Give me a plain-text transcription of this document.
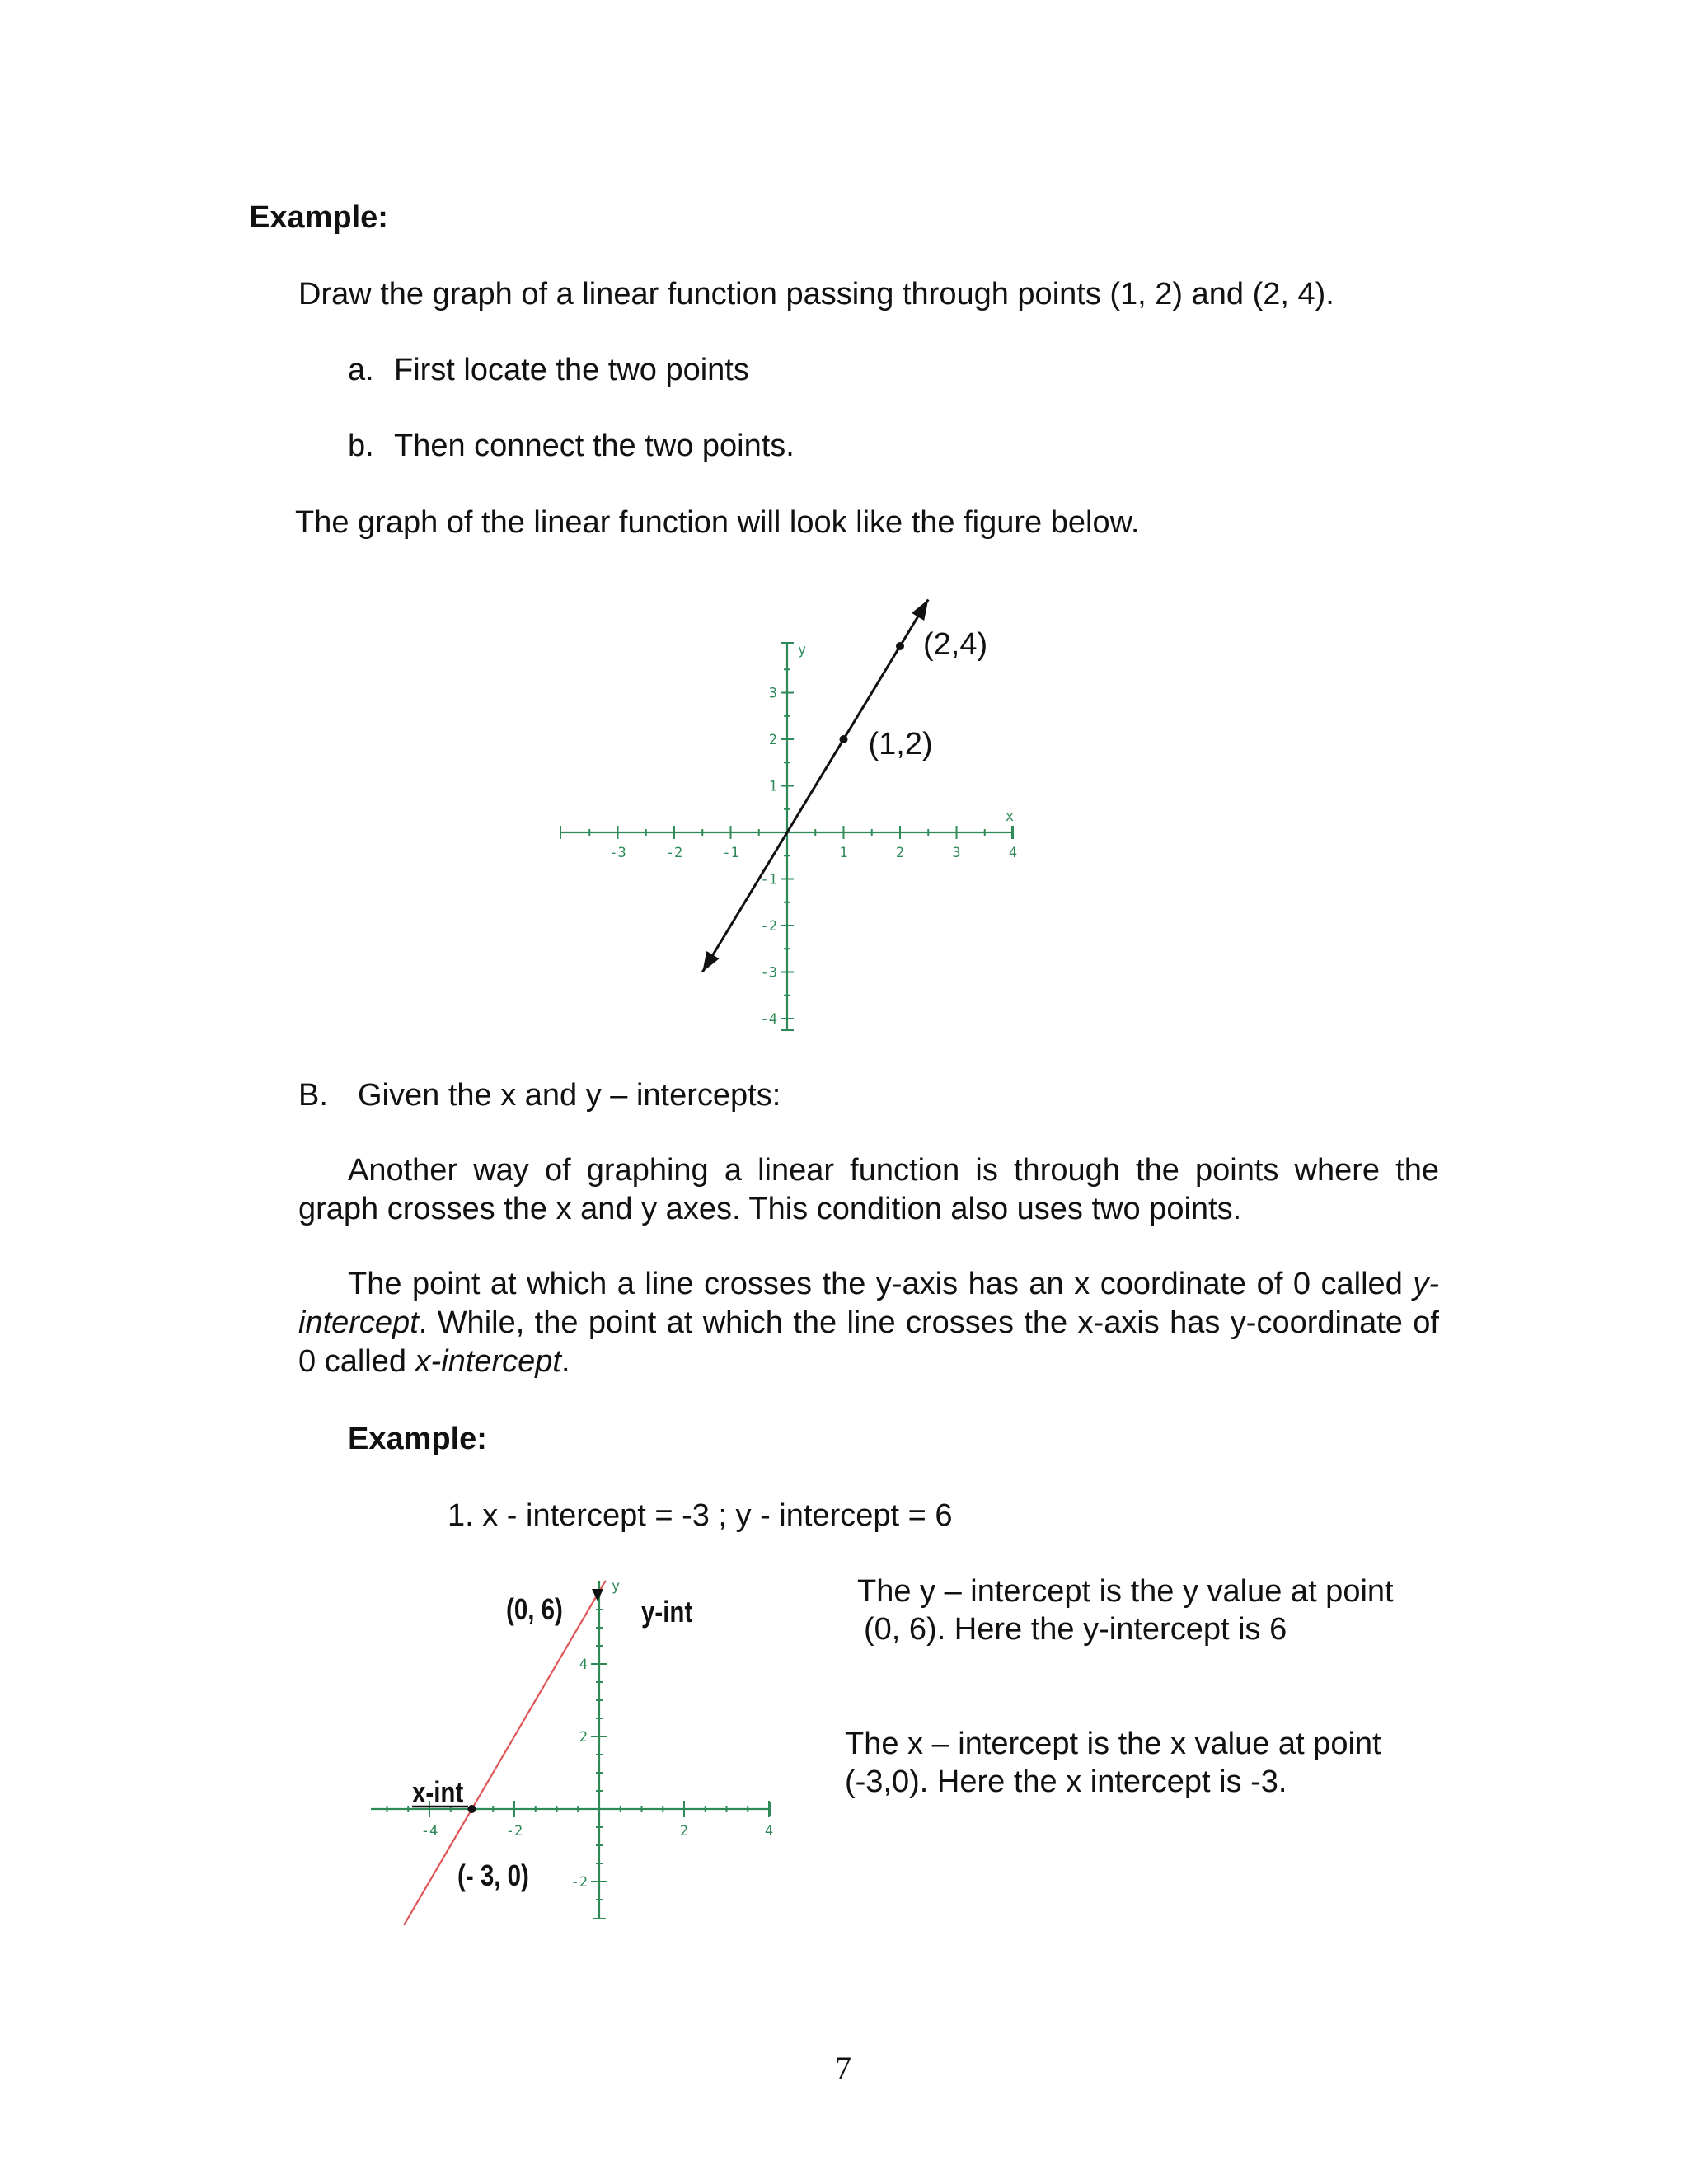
Example:
Draw the graph of a linear function passing through points (1, 2) and (2, 4).
a. First locate the two points
b. Then connect the two points.
The graph of the linear function will look like the figure below.
-3	-2	-1	1	2	3	4
3
2
1
-1
-2
-3
-4
x
y
(1,2)
(2,4)
B. Given the x and y – intercepts:
Another way of graphing a linear function is through the points where the graph crosses the x and y axes. This condition also uses two points.
The point at which a line crosses the y-axis has an x coordinate of 0 called y-intercept. While, the point at which the line crosses the x-axis has y-coordinate of 0 called x-intercept.
Example:
1. x - intercept = -3 ; y - intercept = 6
-4	-2	2	4
4
2
-2
y
x-int
(- 3, 0)
(0, 6)	y-int
The y – intercept is the y value at point
(0, 6). Here the y-intercept is 6
The x – intercept is the x value at point
(-3,0). Here the x intercept is -3.
7
